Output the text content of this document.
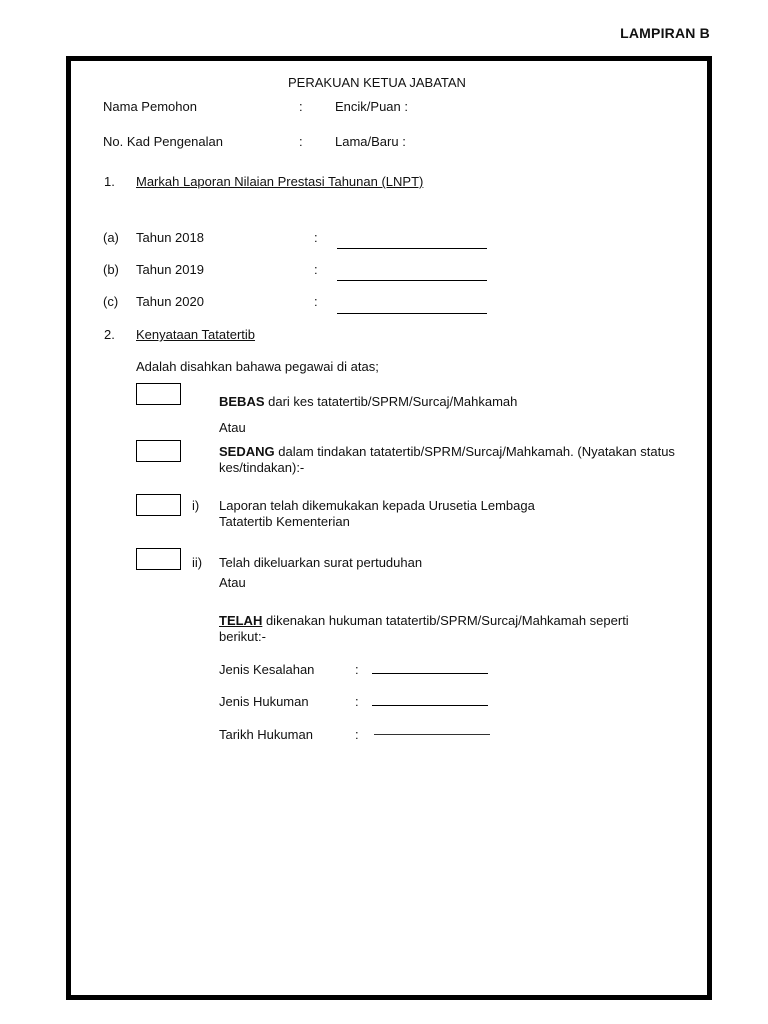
LAMPIRAN B
PERAKUAN KETUA JABATAN
Nama Pemohon	: Encik/Puan :
No. Kad Pengenalan	: Lama/Baru :
1. Markah Laporan Nilaian Prestasi Tahunan (LNPT)
(a) Tahun 2018	:
(b) Tahun 2019	:
(c) Tahun 2020	:
2. Kenyataan Tatatertib
Adalah disahkan bahawa pegawai di atas;
BEBAS dari kes tatatertib/SPRM/Surcaj/Mahkamah
Atau
SEDANG dalam tindakan tatatertib/SPRM/Surcaj/Mahkamah. (Nyatakan status kes/tindakan):-
i) Laporan telah dikemukakan kepada Urusetia Lembaga Tatatertib Kementerian
ii) Telah dikeluarkan surat pertuduhan
Atau
TELAH dikenakan hukuman tatatertib/SPRM/Surcaj/Mahkamah seperti berikut:-
Jenis Kesalahan	:
Jenis Hukuman	:
Tarikh Hukuman	:
